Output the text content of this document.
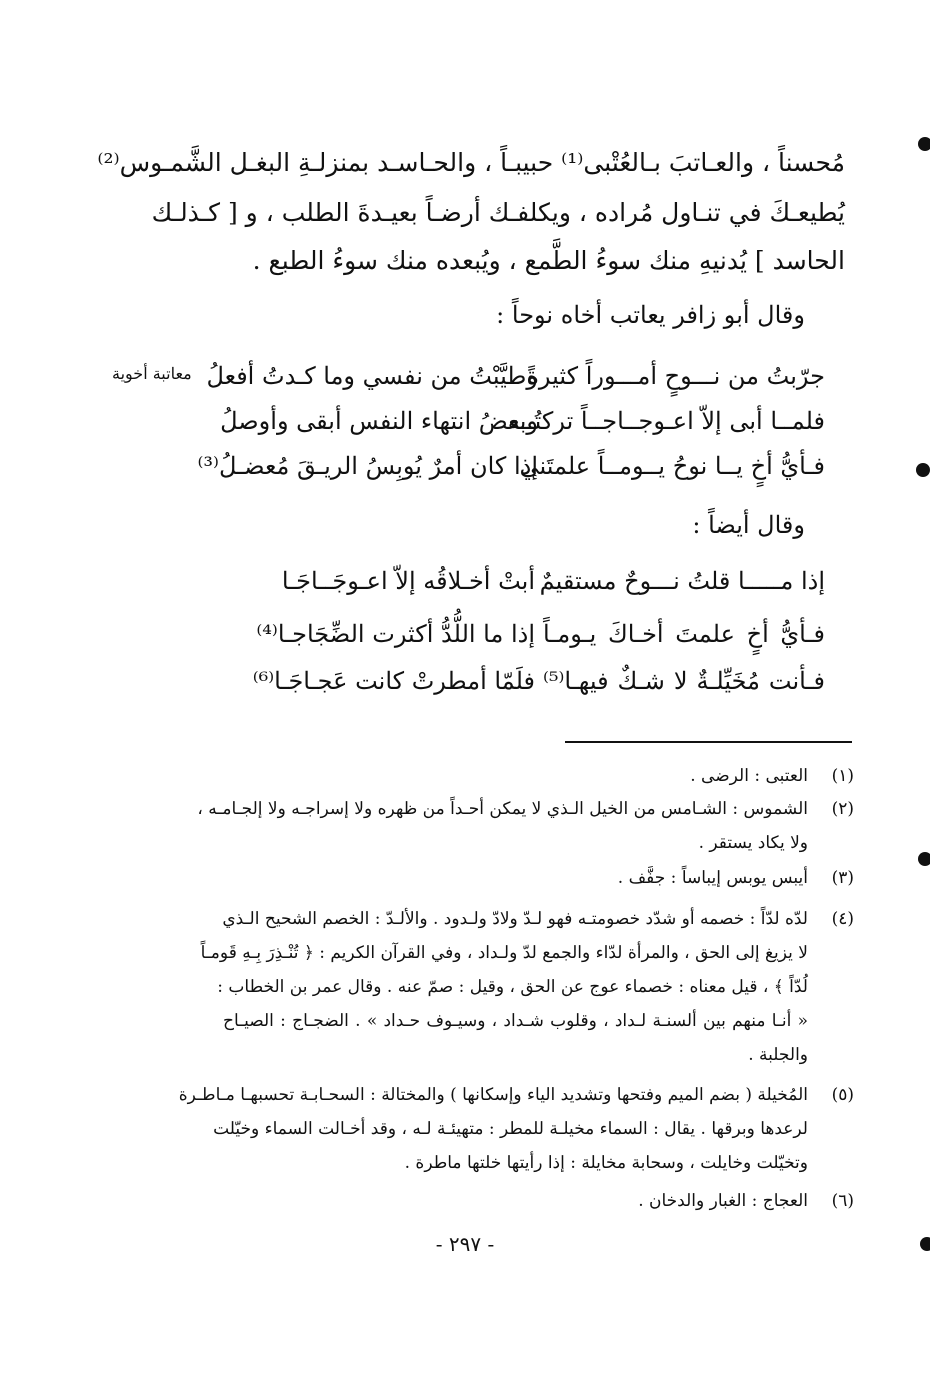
مُحسناً ، والعـاتبَ بـالعُتْبى⁽¹⁾ حبيبـاً ، والحـاسـد بمنزلـةِ البغـل الشَّمـوس⁽²⁾
يُطيعـكَ في تنـاول مُراده ، ويكلفـك أرضـاً بعيـدةَ الطلب ، و [ كـذلـك
الحاسد ] يُدنيهِ منك سوءُ الطَّمع ، ويُبعده منك سوءُ الطبع .
وقال أبو زافر يعاتب أخاه نوحاً :
معاتبة أخوية	جرّبتُ من نـــوحٍ أمـــوراً كثيرةً
وطيَّبْتُ من نفسي وما كـدتُ أفعلُ
فلمــا أبى إلاّ اعـوجــاجــاً تركتُــه
وبعضُ انتهاء النفس أبقى وأوصلُ
فـأيُّ أخٍ يــا نوحُ يــومــاً علمتَني
إذا كان أمرٌ يُوبِسُ الريـقَ مُعضـلُ⁽³⁾
وقال أيضاً :
إذا مـــــا قلتُ نـــوحٌ مستقيمٌ
أبتْ أخـلاقُه إلاّ اعـوجَــاجَـا
فـأيُّ أخٍ علمتَ أخـاكَ يـومـاً
إذا ما اللُّدُّ أكثرت الضِّجَاجـا⁽⁴⁾
فـأنت مُخَيِّلـةٌ لا شـكٌ فيهـا⁽⁵⁾
فلَمّا أمطرتْ كانت عَجـاجَـا⁽⁶⁾
(١)
العتبى : الرضى .
(٢)
الشموس : الشـامس من الخيل الـذي لا يمكن أحـداً من ظهره ولا إسراجـه ولا إلجـامـه ،
ولا يكاد يستقر .
(٣)
أيبس يوبس إيباساً : جفَّف .
(٤)
لدّه لدّاً : خصمه أو شدّد خصومتـه فهو لـدّ ولادّ ولـدود . والألـدّ : الخصم الشحيح الـذي
لا يزيغ إلى الحق ، والمرأة لدّاء والجمع لدّ ولـداد ، وفي القرآن الكريم : ﴿ تُنْـذِرَ بِـهِ قَومـاً
لُدّاً ﴾ ، قيل معناه : خصماء عوج عن الحق ، وقيل : صمّ عنه . وقال عمر بن الخطاب :
« أنـا منهم بين ألسنـة لـداد ، وقلوب شـداد ، وسيـوف حـداد » . الضجـاج : الصيـاح
والجلبة .
(٥)
المُخيلة ( بضم الميم وفتحها وتشديد الياء وإسكانها ) والمختالة : السحـابـة تحسبهـا مـاطـرة
لرعدها وبرقها . يقال : السماء مخيلـة للمطر : متهيئـة لـه ، وقد أخـالت السماء وخيّلت
وتخيّلت وخايلت ، وسحابة مخايلة : إذا رأيتها خلتها ماطرة .
(٦)
العجاج : الغبار والدخان .
- ٢٩٧ -
